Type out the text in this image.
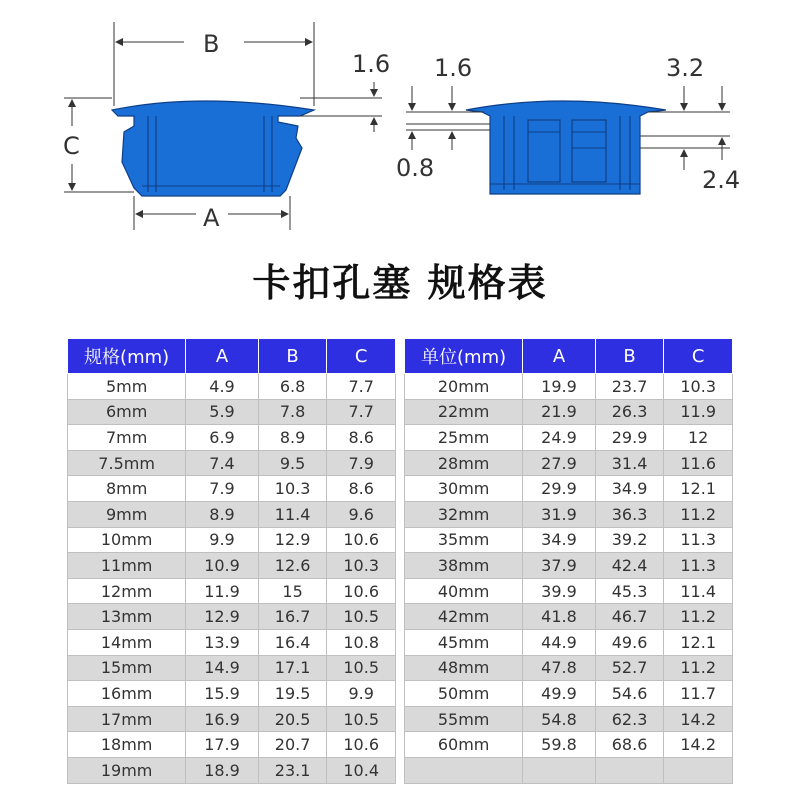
B
A
C
1.6 1.6
0.8
3.2
2.4
卡扣孔塞 规格表
规格(mm)	A	B	C
5mm	4.9	6.8	7.7
6mm	5.9	7.8	7.7
7mm	6.9	8.9	8.6
7.5mm	7.4	9.5	7.9
8mm	7.9	10.3	8.6
9mm	8.9	11.4	9.6
10mm	9.9	12.9	10.6
11mm	10.9	12.6	10.3
12mm	11.9	15	10.6
13mm	12.9	16.7	10.5
14mm	13.9	16.4	10.8
15mm	14.9	17.1	10.5
16mm	15.9	19.5	9.9
17mm	16.9	20.5	10.5
18mm	17.9	20.7	10.6
19mm	18.9	23.1	10.4
单位(mm)	A	B	C
20mm	19.9	23.7	10.3
22mm	21.9	26.3	11.9
25mm	24.9	29.9	12
28mm	27.9	31.4	11.6
30mm	29.9	34.9	12.1
32mm	31.9	36.3	11.2
35mm	34.9	39.2	11.3
38mm	37.9	42.4	11.3
40mm	39.9	45.3	11.4
42mm	41.8	46.7	11.2
45mm	44.9	49.6	12.1
48mm	47.8	52.7	11.2
50mm	49.9	54.6	11.7
55mm	54.8	62.3	14.2
60mm	59.8	68.6	14.2
